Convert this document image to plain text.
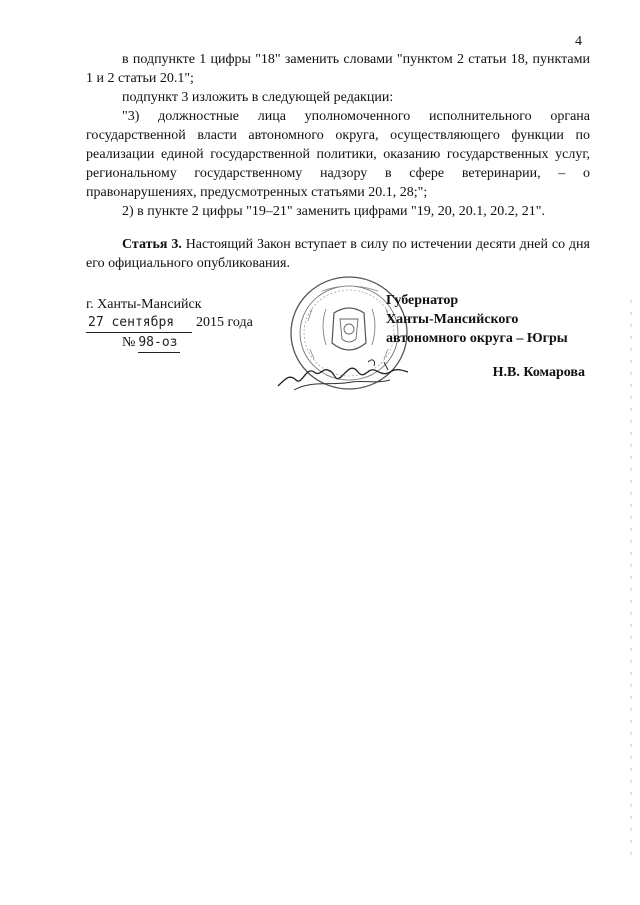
4

в подпункте 1 цифры "18" заменить словами "пунктом 2 статьи 18, пунктами 1 и 2 статьи 20.1";

подпункт 3 изложить в следующей редакции:

"3) должностные лица уполномоченного исполнительного органа государственной власти автономного округа, осуществляющего функции по реализации единой государственной политики, оказанию государственных услуг, региональному государственному надзору в сфере ветеринарии, – о правонарушениях, предусмотренных статьями 20.1, 28;";

2) в пункте 2 цифры "19–21" заменить цифрами "19, 20, 20.1, 20.2, 21".

Статья 3. Настоящий Закон вступает в силу по истечении десяти дней со дня его официального опубликования.

г. Ханты-Мансийск
27 сентября 2015 года
№ 98-оз
Губернатор
Ханты-Мансийского
автономного округа – Югры
Н.В. Комарова
